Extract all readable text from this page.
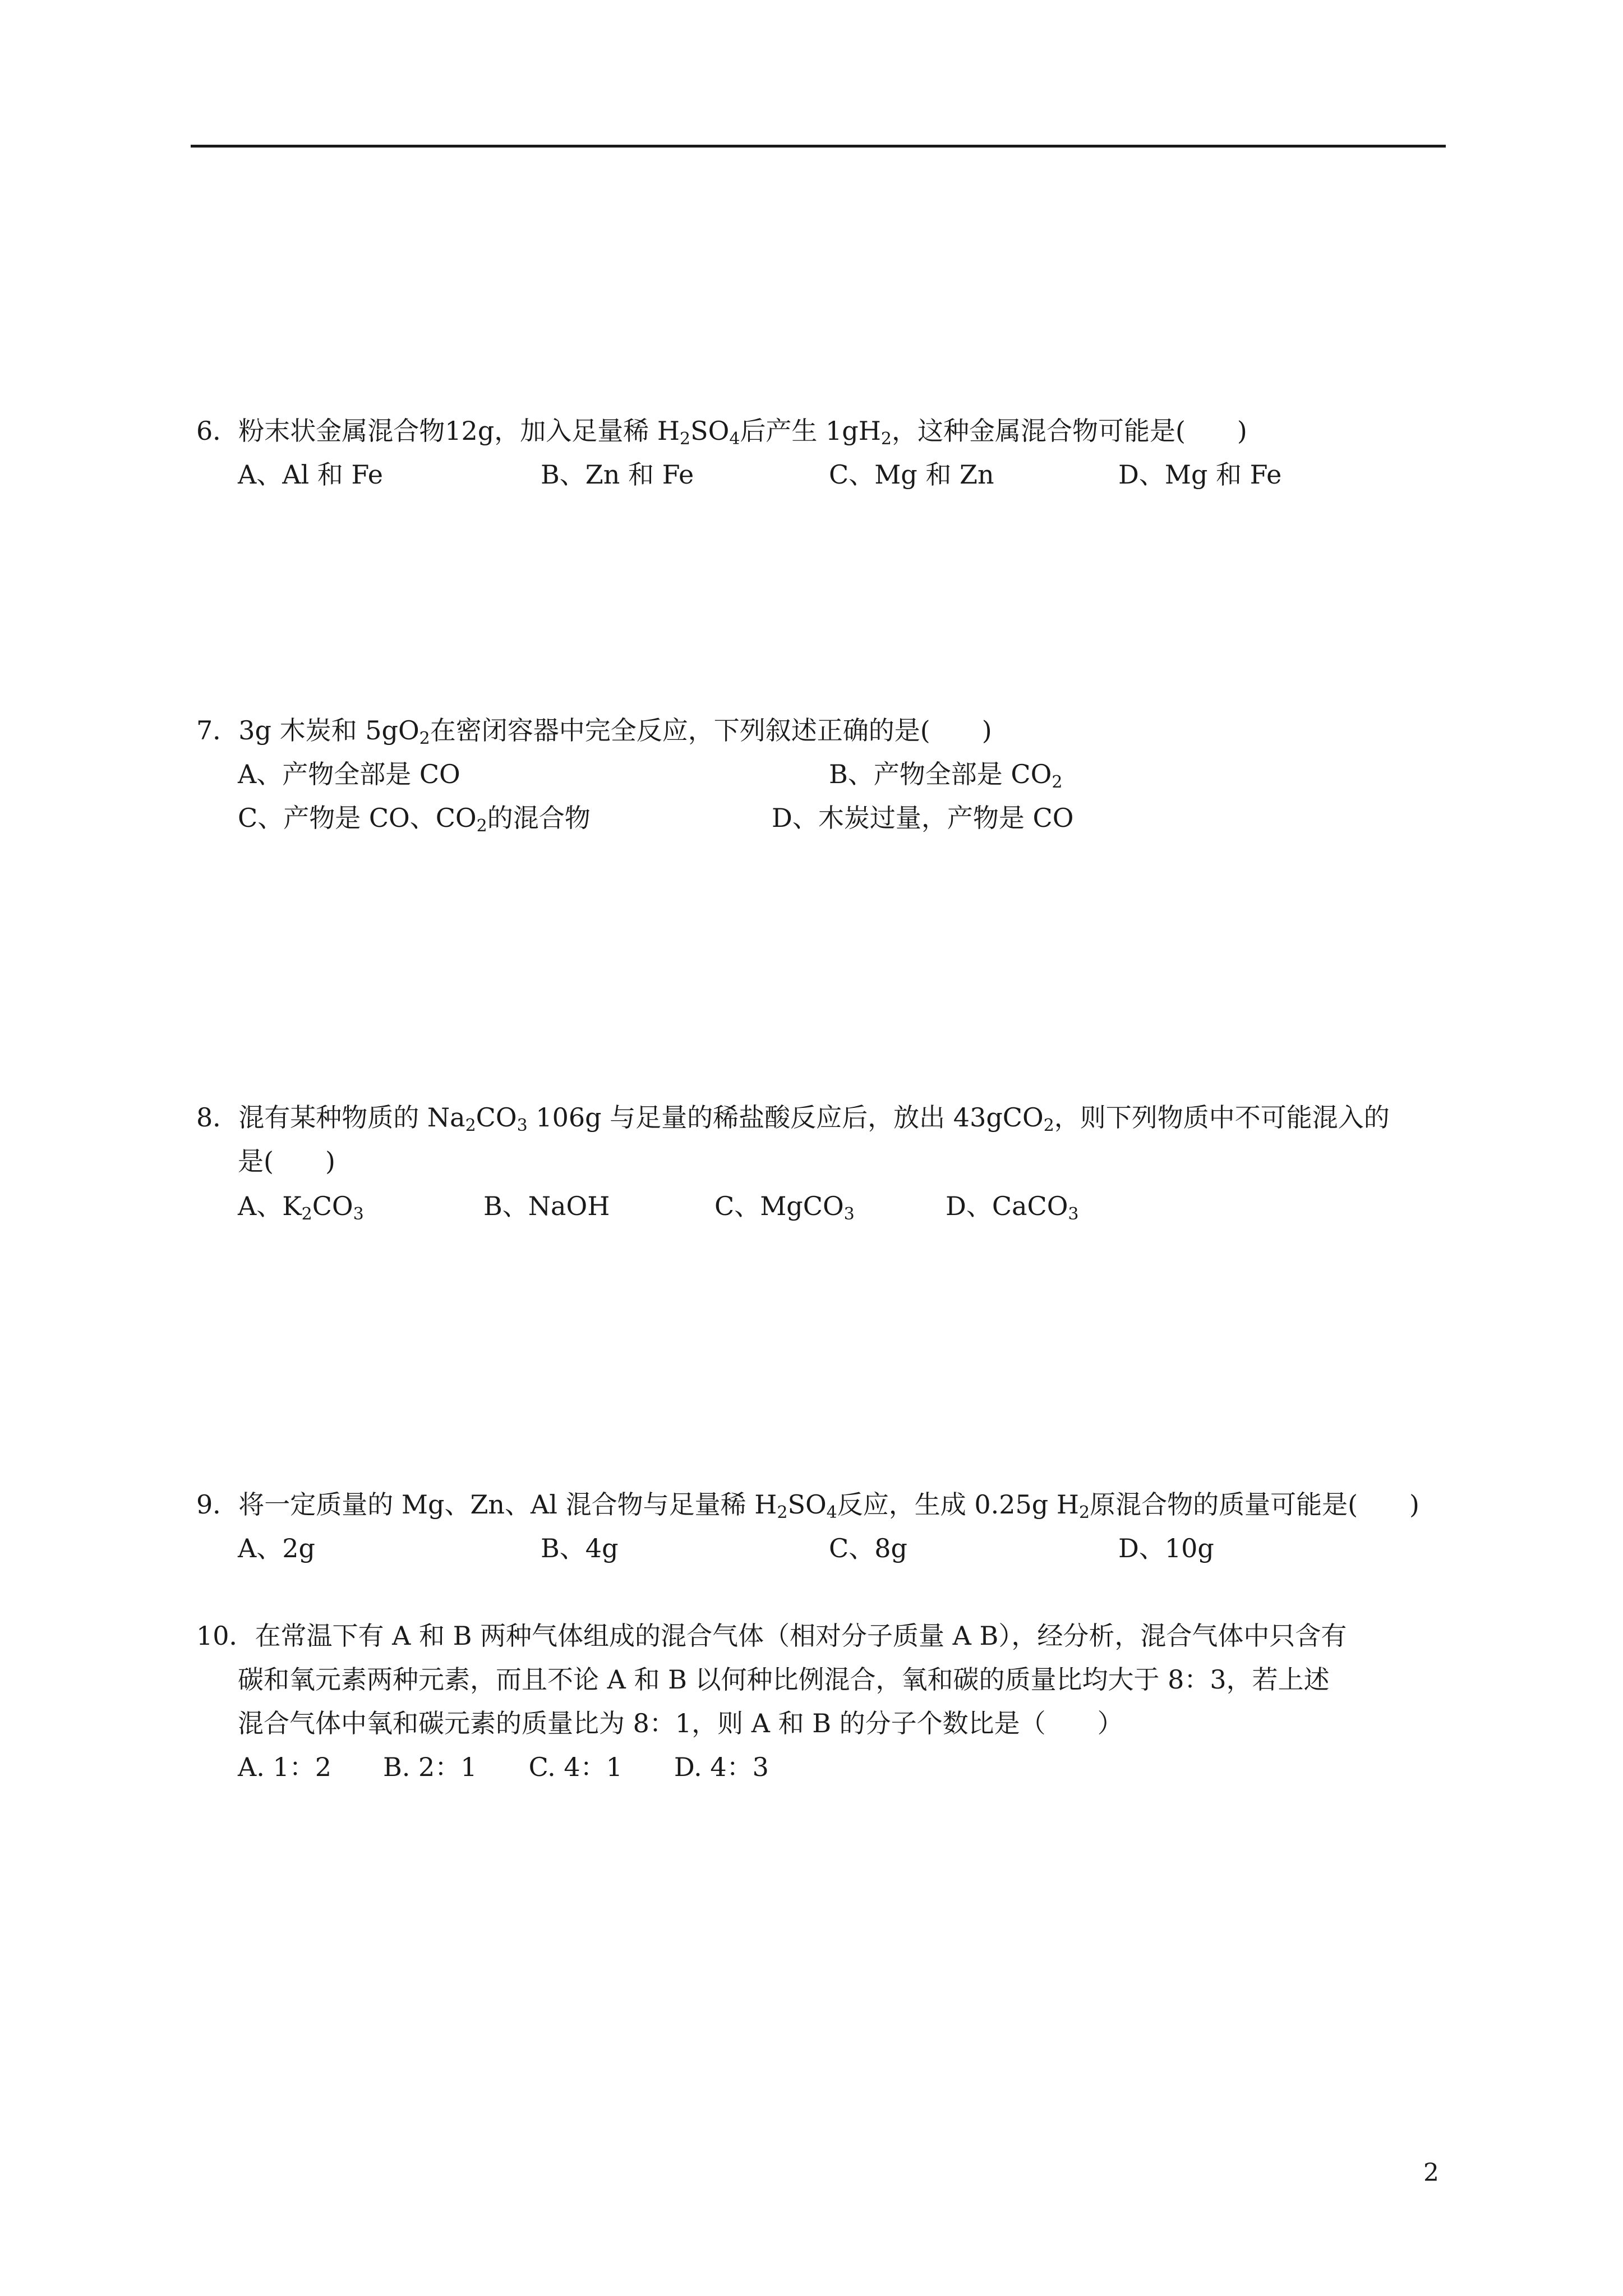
6．粉末状金属混合物12g，加入足量稀 $H_2SO_4$后产生 $1gH_2$，这种金属混合物可能是(　　)
A、Al 和 Fe	B、Zn 和 Fe	C、Mg 和 Zn	D、Mg 和 Fe
7．3g 木炭和 $5gO_2$在密闭容器中完全反应，下列叙述正确的是(　　)
A、产物全部是 CO	B、产物全部是 $CO_2$
C、产物是 CO、$CO_2$的混合物	D、木炭过量，产物是 CO
8．混有某种物质的 $Na_2CO_3$ 106g 与足量的稀盐酸反应后，放出 43gCO$_2$，则下列物质中不可能混入的
是(　　)
A、$K_2CO_3$	B、NaOH	C、MgCO$_3$	D、CaCO$_3$
9．将一定质量的 Mg、Zn、Al 混合物与足量稀 $H_2SO_4$反应，生成 0.25g $H_2$原混合物的质量可能是(　　)
A、2g	B、4g	C、8g	D、10g
10．在常温下有 A 和 B 两种气体组成的混合气体（相对分子质量 A B），经分析，混合气体中只含有
碳和氧元素两种元素，而且不论 A 和 B 以何种比例混合，氧和碳的质量比均大于 8：3，若上述
混合气体中氧和碳元素的质量比为 8：1，则 A 和 B 的分子个数比是（　　）
A. 1：2　　B. 2：1　　C. 4：1　　D. 4：3
2
